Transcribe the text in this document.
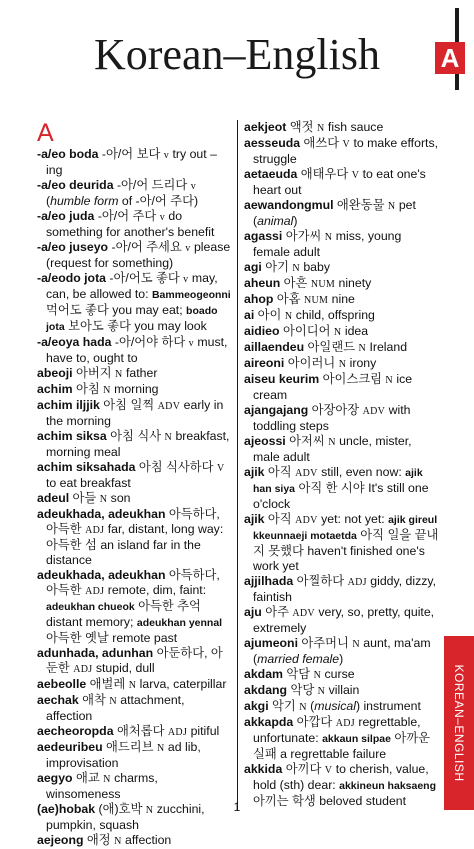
Korean–English	A
A

-a/eo boda -아/어 보다 v try out –ing

-a/eo deurida -아/어 드리다 v (humble form of -아/어 주다)

-a/eo juda -아/어 주다 v do something for another's benefit

-a/eo juseyo -아/어 주세요 v please (request for something)

-a/eodo jota -아/어도 좋다 v may, can, be allowed to: Bammeogeonni 먹어도 좋다 you may eat; boado jota 보아도 좋다 you may look

-a/eoya hada -아/어야 하다 v must, have to, ought to

abeoji 아버지 N father

achim 아침 N morning

achim iljjik 아침 일찍 ADV early in the morning

achim siksa 아침 식사 N breakfast, morning meal

achim siksahada 아침 식사하다 V to eat breakfast

adeul 아들 N son

adeukhada, adeukhan 아득하다, 아득한 ADJ far, distant, long way: 아득한 섬 an island far in the distance

adeukhada, adeukhan 아득하다, 아득한 ADJ remote, dim, faint: adeukhan chueok 아득한 추억 distant memory; adeukhan yennal 아득한 옛날 remote past

adunhada, adunhan 아둔하다, 아둔한 ADJ stupid, dull

aebeolle 애벌레 N larva, caterpillar

aechak 애착 N attachment, affection

aecheoropda 애처롭다 ADJ pitiful

aedeuribeu 애드리브 N ad lib, improvisation

aegyo 애교 N charms, winsomeness

(ae)hobak (애)호박 N zucchini, pumpkin, squash

aejeong 애정 N affection

aekjeot 액젓 N fish sauce

aesseuda 애쓰다 V to make efforts, struggle

aetaeuda 애태우다 V to eat one's heart out

aewandongmul 애완동물 N pet (animal)

agassi 아가씨 N miss, young female adult

agi 아기 N baby

aheun 아흔 NUM ninety

ahop 아홉 NUM nine

ai 아이 N child, offspring

aidieo 아이디어 N idea

aillaendeu 아일랜드 N Ireland

aireoni 아이러니 N irony

aiseu keurim 아이스크림 N ice cream

ajangajang 아장아장 ADV with toddling steps

ajeossi 아저씨 N uncle, mister, male adult

ajik 아직 ADV still, even now: ajik han siya 아직 한 시야 It's still one o'clock

ajik 아직 ADV yet: not yet: ajik gireul kkeunnaeji motaetda 아직 일을 끝내지 못했다 haven't finished one's work yet

ajjilhada 아찔하다 ADJ giddy, dizzy, faintish

aju 아주 ADV very, so, pretty, quite, extremely

ajumeoni 아주머니 N aunt, ma'am (married female)

akdam 악담 N curse

akdang 악당 N villain

akgi 악기 N (musical) instrument

akkapda 아깝다 ADJ regrettable, unfortunate: akkaun silpae 아까운 실패 a regrettable failure

akkida 아끼다 V to cherish, value, hold (sth) dear: akkineun haksaeng 아끼는 학생 beloved student

KOREAN–ENGLISH
1
